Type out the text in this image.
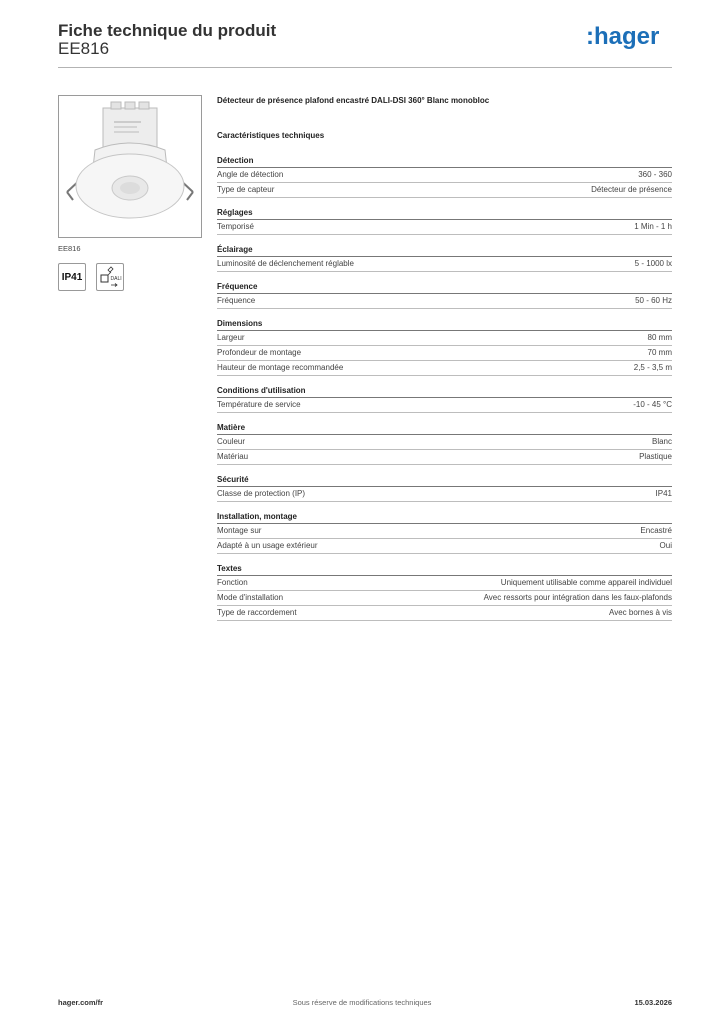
Fiche technique du produit
EE816	:hager
EE816
IP41	DALI
Détecteur de présence plafond encastré DALI-DSI 360° Blanc monobloc
Caractéristiques techniques
Détection
Angle de détection	360 - 360
Type de capteur	Détecteur de présence
Réglages
Temporisé	1 Min - 1 h
Éclairage
Luminosité de déclenchement réglable	5 - 1000 lx
Fréquence
Fréquence	50 - 60 Hz
Dimensions
Largeur	80 mm
Profondeur de montage	70 mm
Hauteur de montage recommandée	2,5 - 3,5 m
Conditions d'utilisation
Température de service	-10 - 45 °C
Matière
Couleur	Blanc
Matériau	Plastique
Sécurité
Classe de protection (IP)	IP41
Installation, montage
Montage sur	Encastré
Adapté à un usage extérieur	Oui
Textes
Fonction	Uniquement utilisable comme appareil individuel
Mode d'installation	Avec ressorts pour intégration dans les faux-plafonds
Type de raccordement	Avec bornes à vis
hager.com/fr	Sous réserve de modifications techniques	15.03.2026
